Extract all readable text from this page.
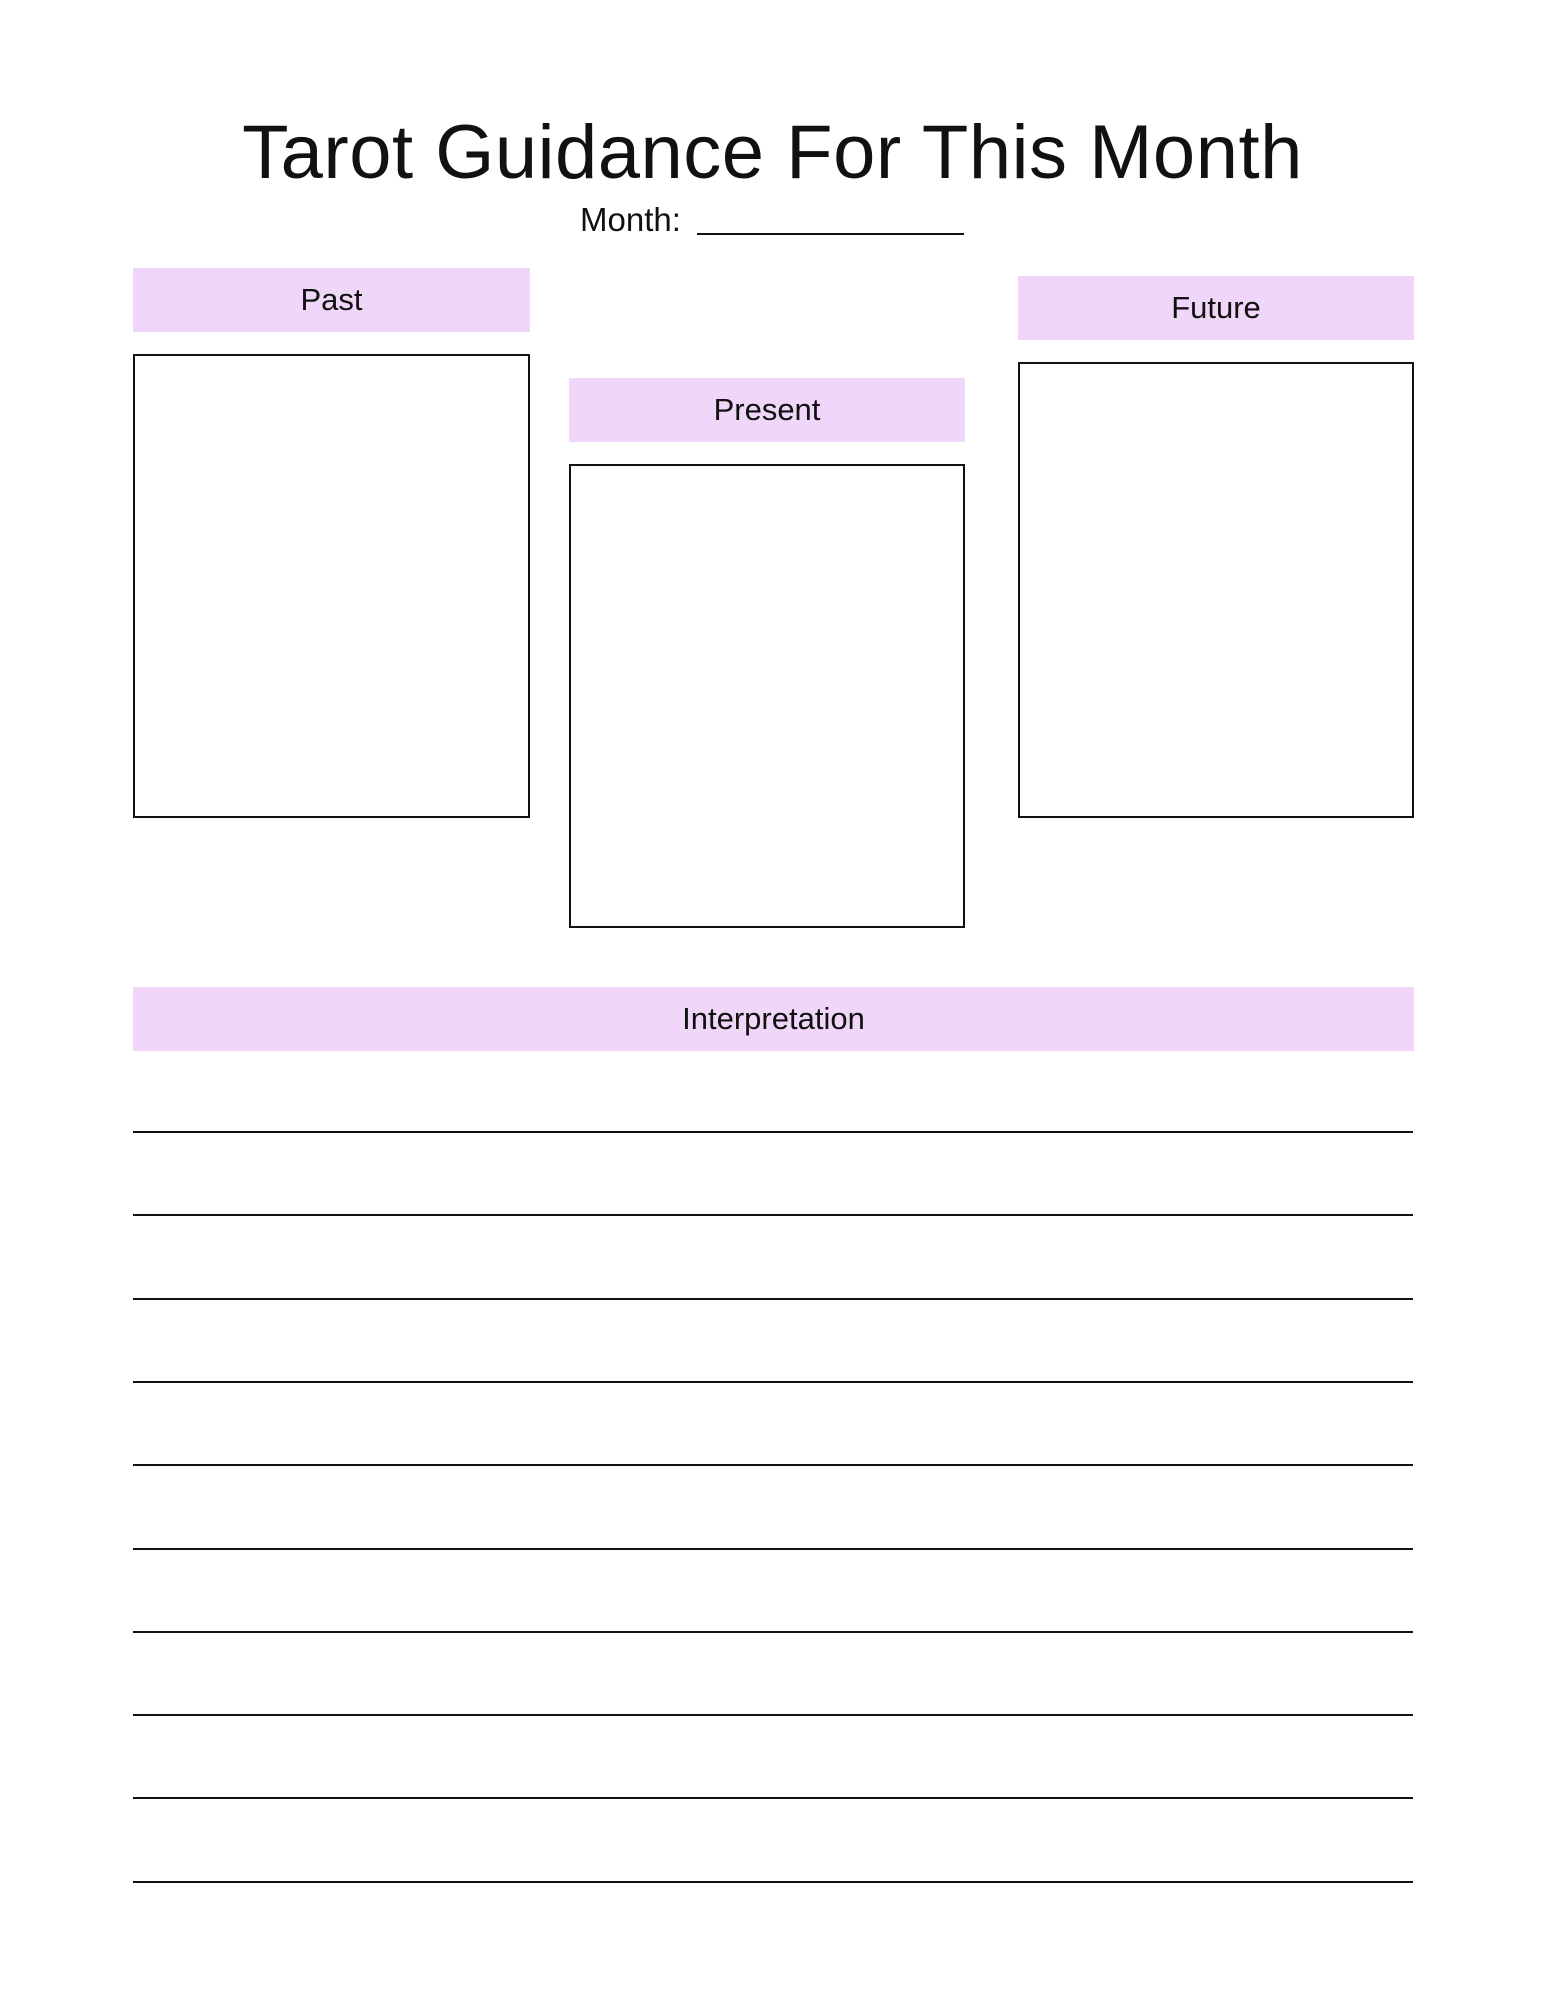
Tarot Guidance For This Month
Month:
Past
Present
Future
Interpretation
